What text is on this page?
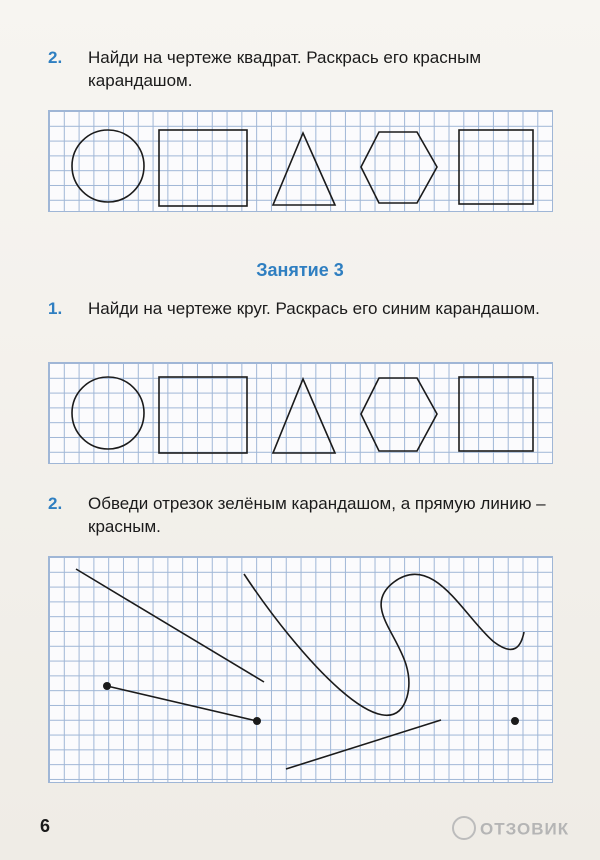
2.	Найди на чертеже квадрат. Раскрась его красным карандашом.
Занятие 3
1.	Найди на чертеже круг. Раскрась его синим карандашом.
2.	Обведи отрезок зелёным карандашом, а прямую линию – красным.
6	ОТЗОВИК
